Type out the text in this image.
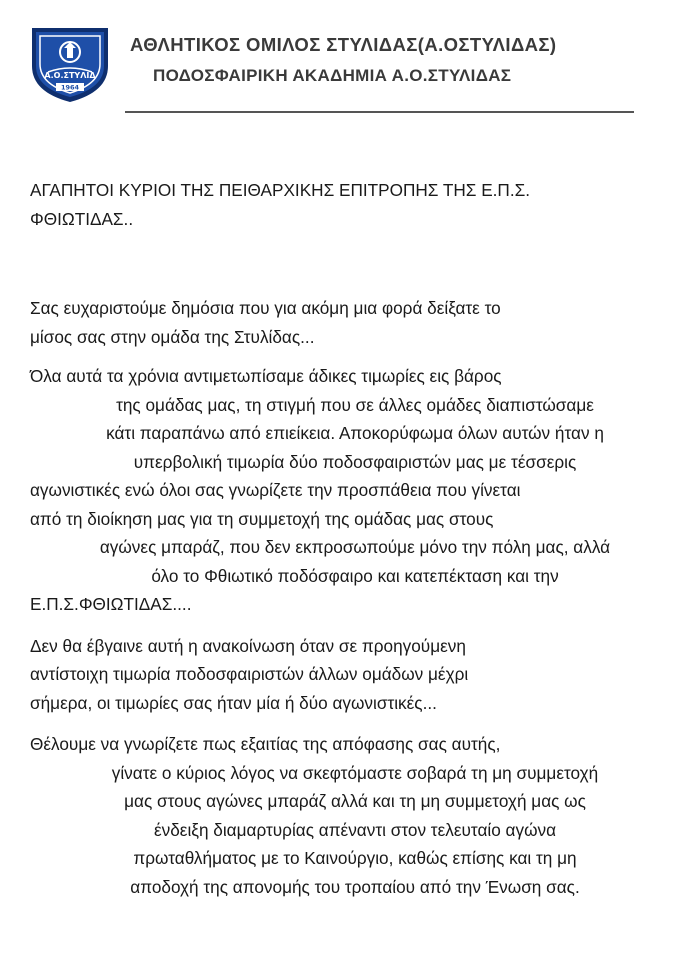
Α.Ο.ΣΤΥΛΙΔ
1964
ΑΘΛΗΤΙΚΟΣ ΟΜΙΛΟΣ ΣΤΥΛΙΔΑΣ(Α.ΟΣΤΥΛΙΔΑΣ)
ΠΟΔΟΣΦΑΙΡΙΚΗ ΑΚΑΔΗΜΙΑ Α.Ο.ΣΤΥΛΙΔΑΣ
ΑΓΑΠΗΤΟΙ ΚΥΡΙΟΙ ΤΗΣ ΠΕΙΘΑΡΧΙΚΗΣ ΕΠΙΤΡΟΠΗΣ ΤΗΣ Ε.Π.Σ.
ΦΘΙΩΤΙΔΑΣ..
Σας ευχαριστούμε δημόσια που για ακόμη μια φορά δείξατε το
μίσος σας στην ομάδα της Στυλίδας...
Όλα αυτά τα χρόνια αντιμετωπίσαμε άδικες τιμωρίες εις βάρος
της ομάδας μας, τη στιγμή που σε άλλες ομάδες διαπιστώσαμε
κάτι παραπάνω από επιείκεια. Αποκορύφωμα όλων αυτών ήταν η
υπερβολική τιμωρία δύο ποδοσφαιριστών μας με τέσσερις
αγωνιστικές ενώ όλοι σας γνωρίζετε την προσπάθεια που γίνεται
από τη διοίκηση μας για τη συμμετοχή της ομάδας μας στους
αγώνες μπαράζ, που δεν εκπροσωπούμε μόνο την πόλη μας, αλλά
όλο το Φθιωτικό ποδόσφαιρο και κατεπέκταση και την
Ε.Π.Σ.ΦΘΙΩΤΙΔΑΣ....
Δεν θα έβγαινε αυτή η ανακοίνωση όταν σε προηγούμενη
αντίστοιχη τιμωρία ποδοσφαιριστών άλλων ομάδων μέχρι
σήμερα, οι τιμωρίες σας ήταν μία ή δύο αγωνιστικές...
Θέλουμε να γνωρίζετε πως εξαιτίας της απόφασης σας αυτής,
γίνατε ο κύριος λόγος να σκεφτόμαστε σοβαρά τη μη συμμετοχή
μας στους αγώνες μπαράζ αλλά και τη μη συμμετοχή μας ως
ένδειξη διαμαρτυρίας απέναντι στον τελευταίο αγώνα
πρωταθλήματος με το Καινούργιο, καθώς επίσης και τη μη
αποδοχή της απονομής του τροπαίου από την Ένωση σας.
